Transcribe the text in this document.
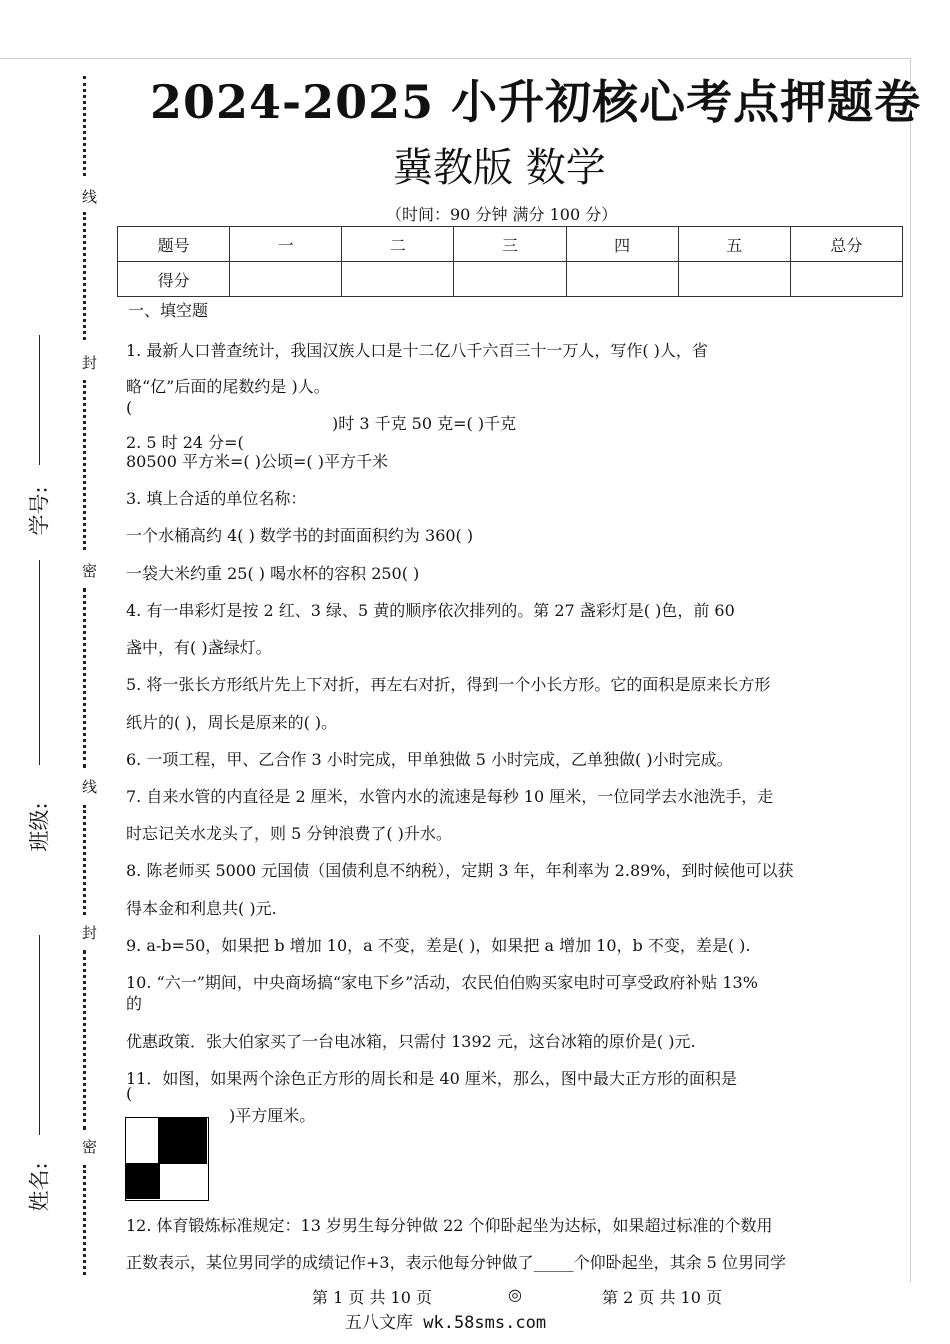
线
封
密
线
封
密
学号:
班级:
姓名:
2024-2025 小升初核心考点押题卷
冀教版 数学
（时间：90 分钟 满分 100 分）
题号	一	二	三	四	五	总分
得分						
一、填空题
1. 最新人口普查统计，我国汉族人口是十二亿八千六百三十一万人，写作( )人，省
略“亿”后面的尾数约是 )人。
(
)时 3 千克 50 克=( )千克
2. 5 时 24 分=(
80500 平方米=( )公顷=( )平方千米
3. 填上合适的单位名称：
一个水桶高约 4( ) 数学书的封面面积约为 360( )
一袋大米约重 25( ) 喝水杯的容积 250( )
4. 有一串彩灯是按 2 红、3 绿、5 黄的顺序依次排列的。第 27 盏彩灯是( )色，前 60
盏中，有( )盏绿灯。
5. 将一张长方形纸片先上下对折，再左右对折，得到一个小长方形。它的面积是原来长方形
纸片的( )，周长是原来的( )。
6. 一项工程，甲、乙合作 3 小时完成，甲单独做 5 小时完成，乙单独做( )小时完成。
7. 自来水管的内直径是 2 厘米，水管内水的流速是每秒 10 厘米，一位同学去水池洗手，走
时忘记关水龙头了，则 5 分钟浪费了( )升水。
8. 陈老师买 5000 元国债（国债利息不纳税），定期 3 年，年利率为 2.89%，到时候他可以获
得本金和利息共( )元.
9. a-b=50，如果把 b 增加 10，a 不变，差是( )，如果把 a 增加 10，b 不变，差是( ).
10. “六一”期间，中央商场搞“家电下乡”活动，农民伯伯购买家电时可享受政府补贴 13%
的
优惠政策．张大伯家买了一台电冰箱，只需付 1392 元，这台冰箱的原价是( )元.
11．如图，如果两个涂色正方形的周长和是 40 厘米，那么，图中最大正方形的面积是
(
)平方厘米。
12. 体育锻炼标准规定：13 岁男生每分钟做 22 个仰卧起坐为达标，如果超过标准的个数用
正数表示，某位男同学的成绩记作+3，表示他每分钟做了_____个仰卧起坐，其余 5 位男同学
第 1 页 共 10 页	◎	第 2 页 共 10 页
五八文库 wk.58sms.com
